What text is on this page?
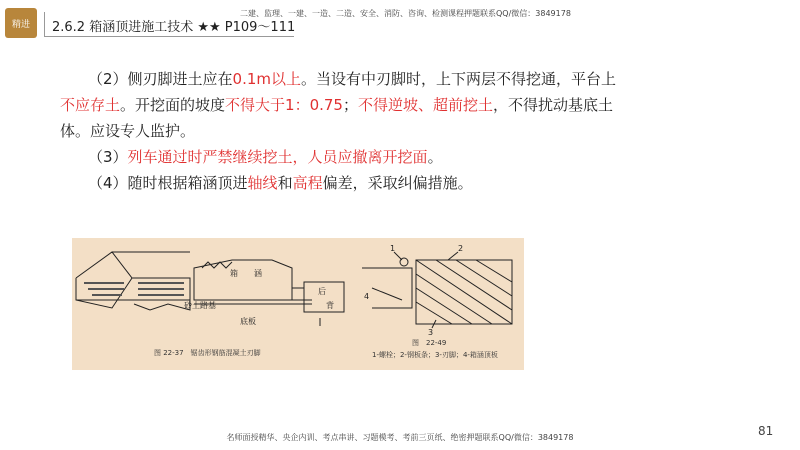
精进 2.6.2 箱涵顶进施工技术 ★★ P109～111
二建、监理、一建、一造、二造、安全、消防、咨询、检测课程押题联系QQ/微信：3849178

（2）侧刃脚进土应在0.1m以上。当设有中刃脚时，上下两层不得挖通，平台上不应存土。开挖面的坡度不得大于1：0.75；不得逆坡、超前挖土，不得扰动基底土体。应设专人监护。

（3）列车通过时严禁继续挖土，人员应撤离开挖面。

（4）随时根据箱涵顶进轴线和高程偏差，采取纠偏措施。

箱 涵
后
背
砂土路基
底板
图 22-37　锯齿形钢筋混凝土刃脚
1	2
3
4
图　22-49
1-螺栓；2-钢板条；3-刃脚；4-箱涵顶板
名师面授精华、央企内训、考点串讲、习题模考、考前三页纸、绝密押题联系QQ/微信：3849178	81
